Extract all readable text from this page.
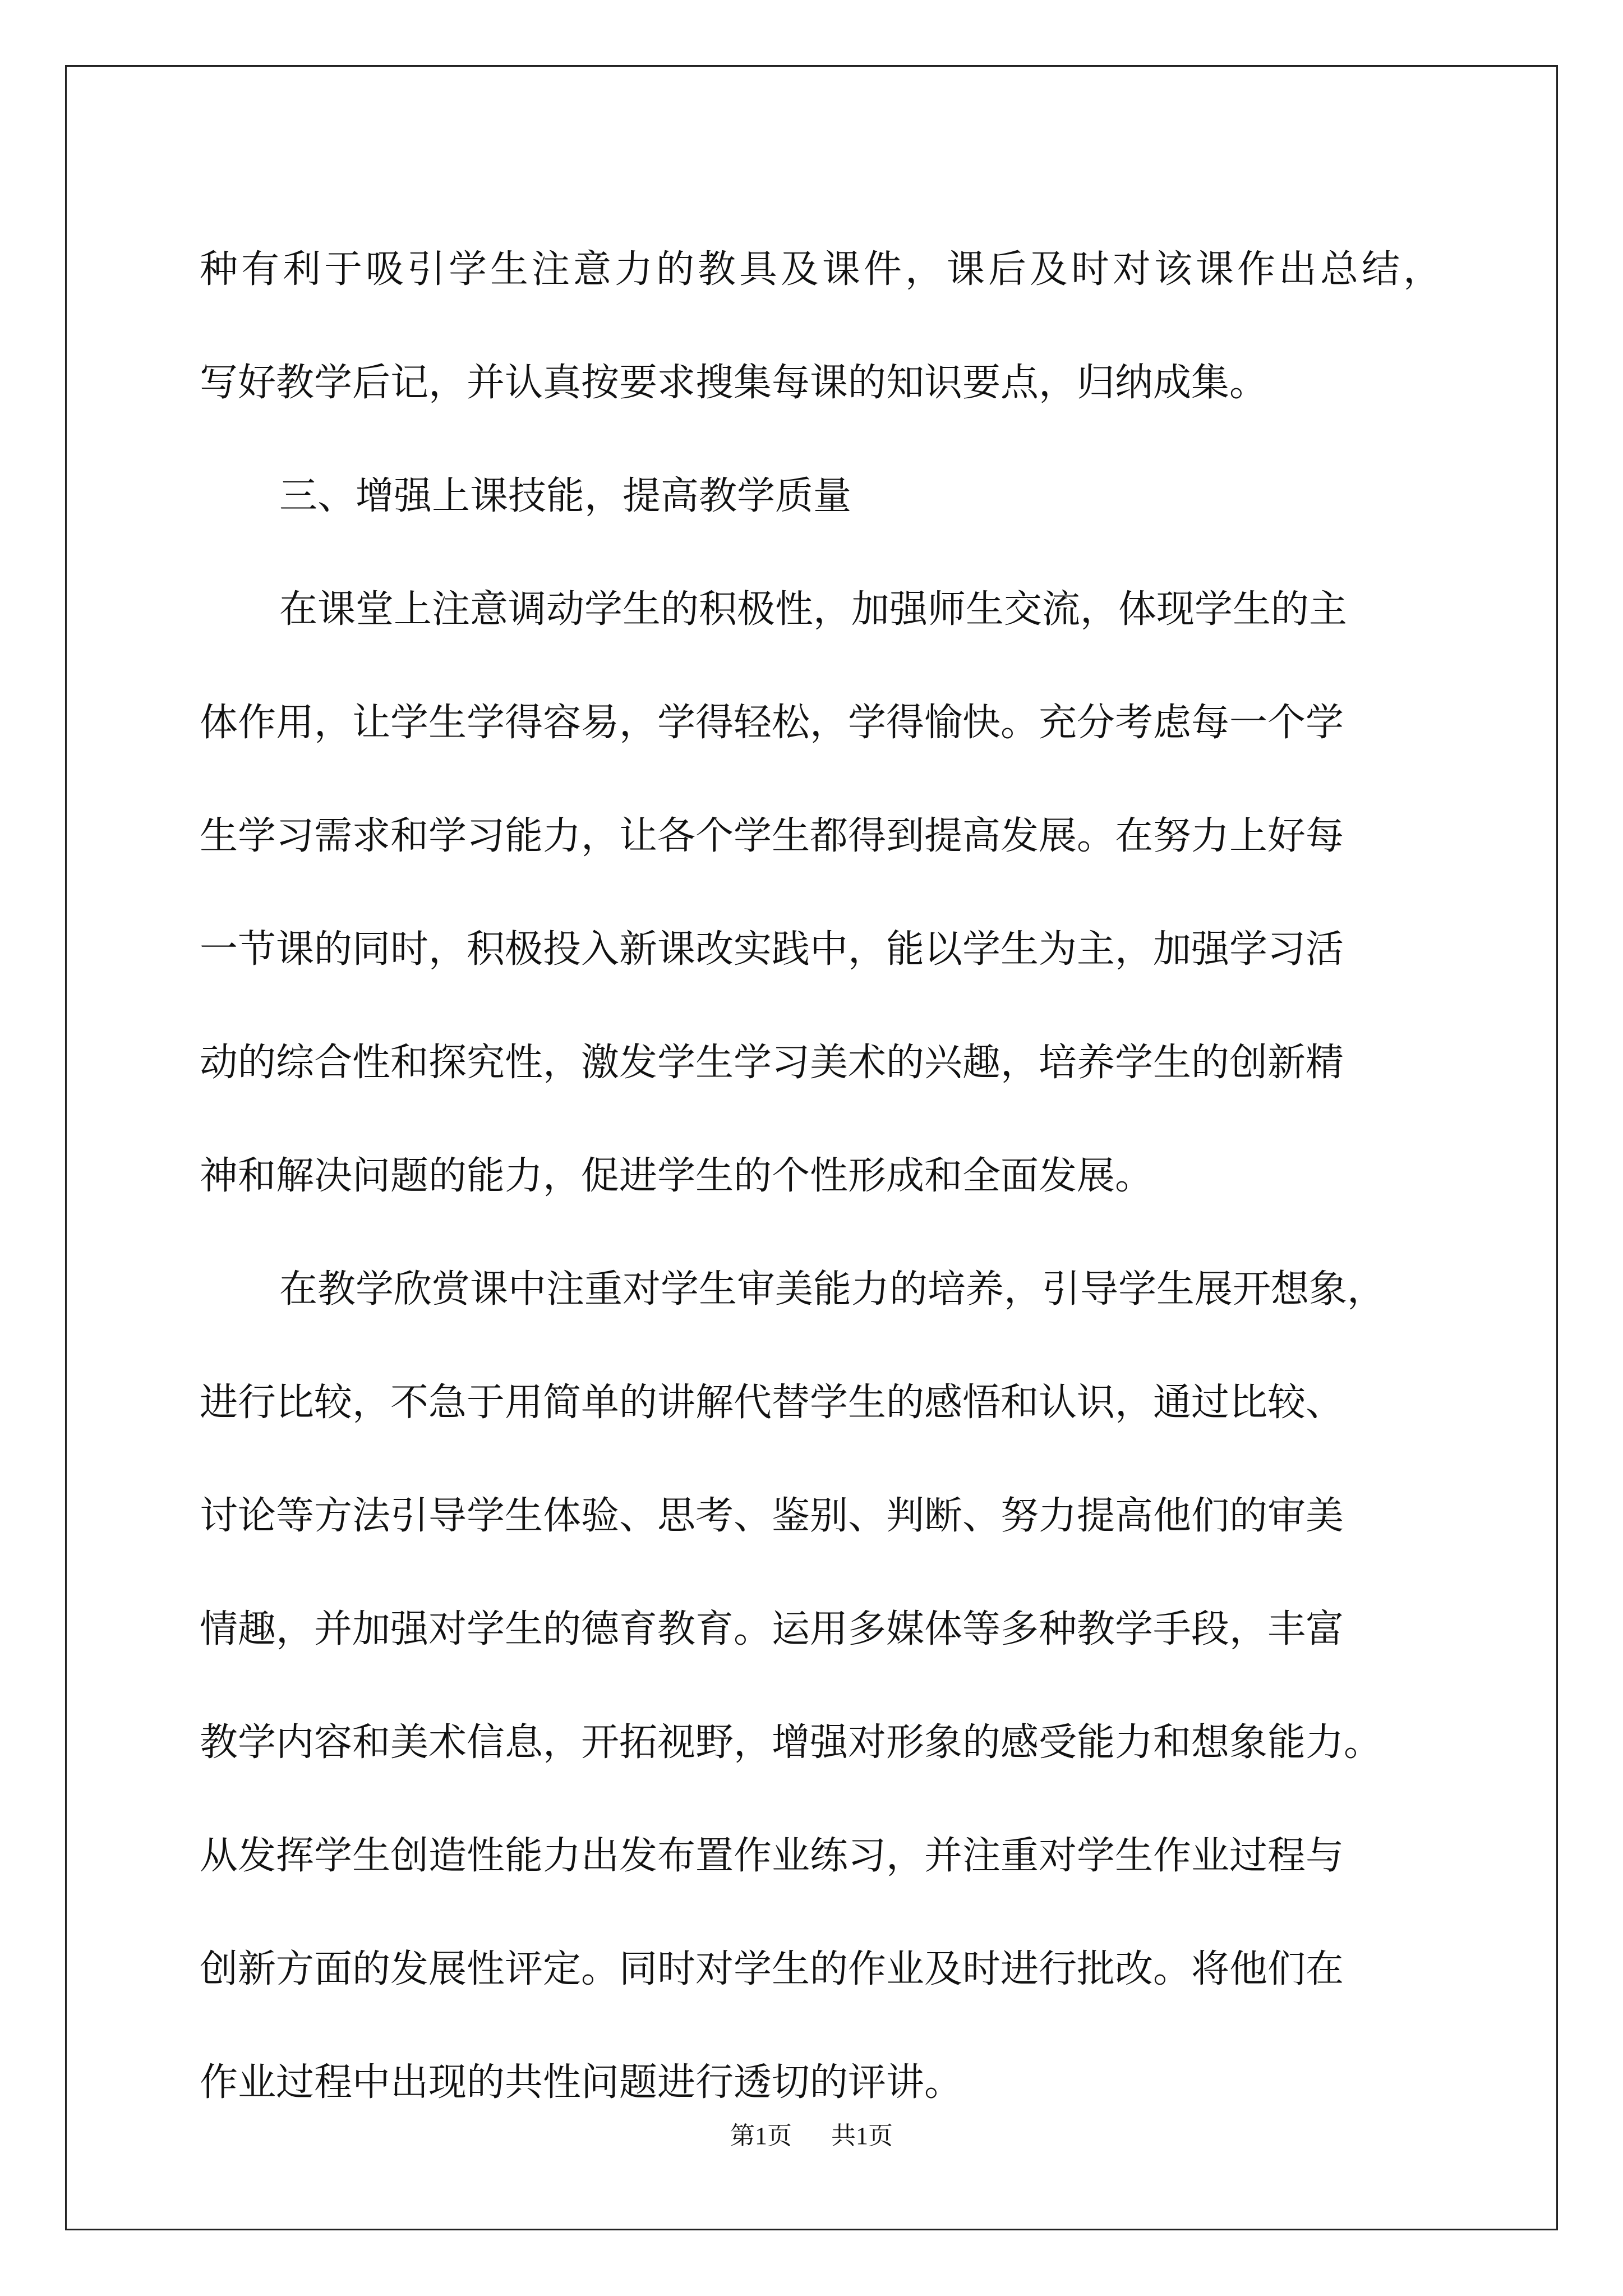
种有利于吸引学生注意力的教具及课件，课后及时对该课作出总结，
写好教学后记，并认真按要求搜集每课的知识要点，归纳成集。
三、增强上课技能，提高教学质量
在课堂上注意调动学生的积极性，加强师生交流，体现学生的主
体作用，让学生学得容易，学得轻松，学得愉快。充分考虑每一个学
生学习需求和学习能力，让各个学生都得到提高发展。在努力上好每
一节课的同时，积极投入新课改实践中，能以学生为主，加强学习活
动的综合性和探究性，激发学生学习美术的兴趣，培养学生的创新精
神和解决问题的能力，促进学生的个性形成和全面发展。
在教学欣赏课中注重对学生审美能力的培养，引导学生展开想象，
进行比较，不急于用简单的讲解代替学生的感悟和认识，通过比较、
讨论等方法引导学生体验、思考、鉴别、判断、努力提高他们的审美
情趣，并加强对学生的德育教育。运用多媒体等多种教学手段，丰富
教学内容和美术信息，开拓视野，增强对形象的感受能力和想象能力。
从发挥学生创造性能力出发布置作业练习，并注重对学生作业过程与
创新方面的发展性评定。同时对学生的作业及时进行批改。将他们在
作业过程中出现的共性问题进行透切的评讲。
第1页 共1页
